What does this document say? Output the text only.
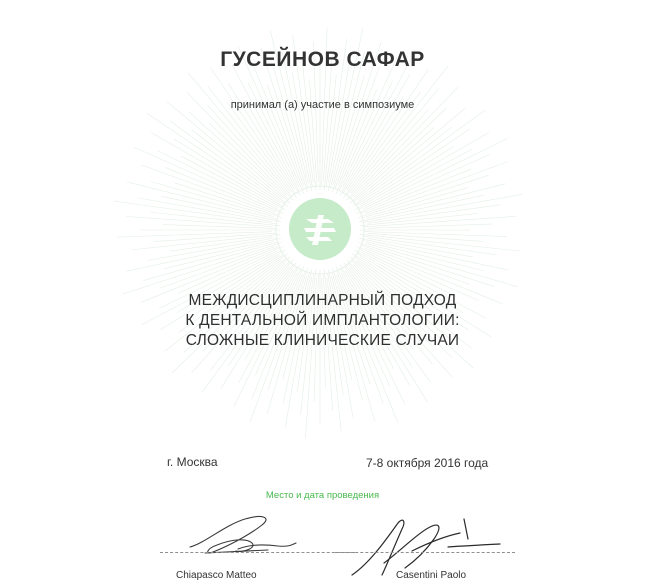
ГУСЕЙНОВ САФАР
принимал (а) участие в симпозиуме
МЕЖДИСЦИПЛИНАРНЫЙ ПОДХОД
К ДЕНТАЛЬНОЙ ИМПЛАНТОЛОГИИ:
СЛОЖНЫЕ КЛИНИЧЕСКИЕ СЛУЧАИ
г. Москва	7-8 октября 2016 года
Место и дата проведения
Chiapasco Matteo	Casentini Paolo
